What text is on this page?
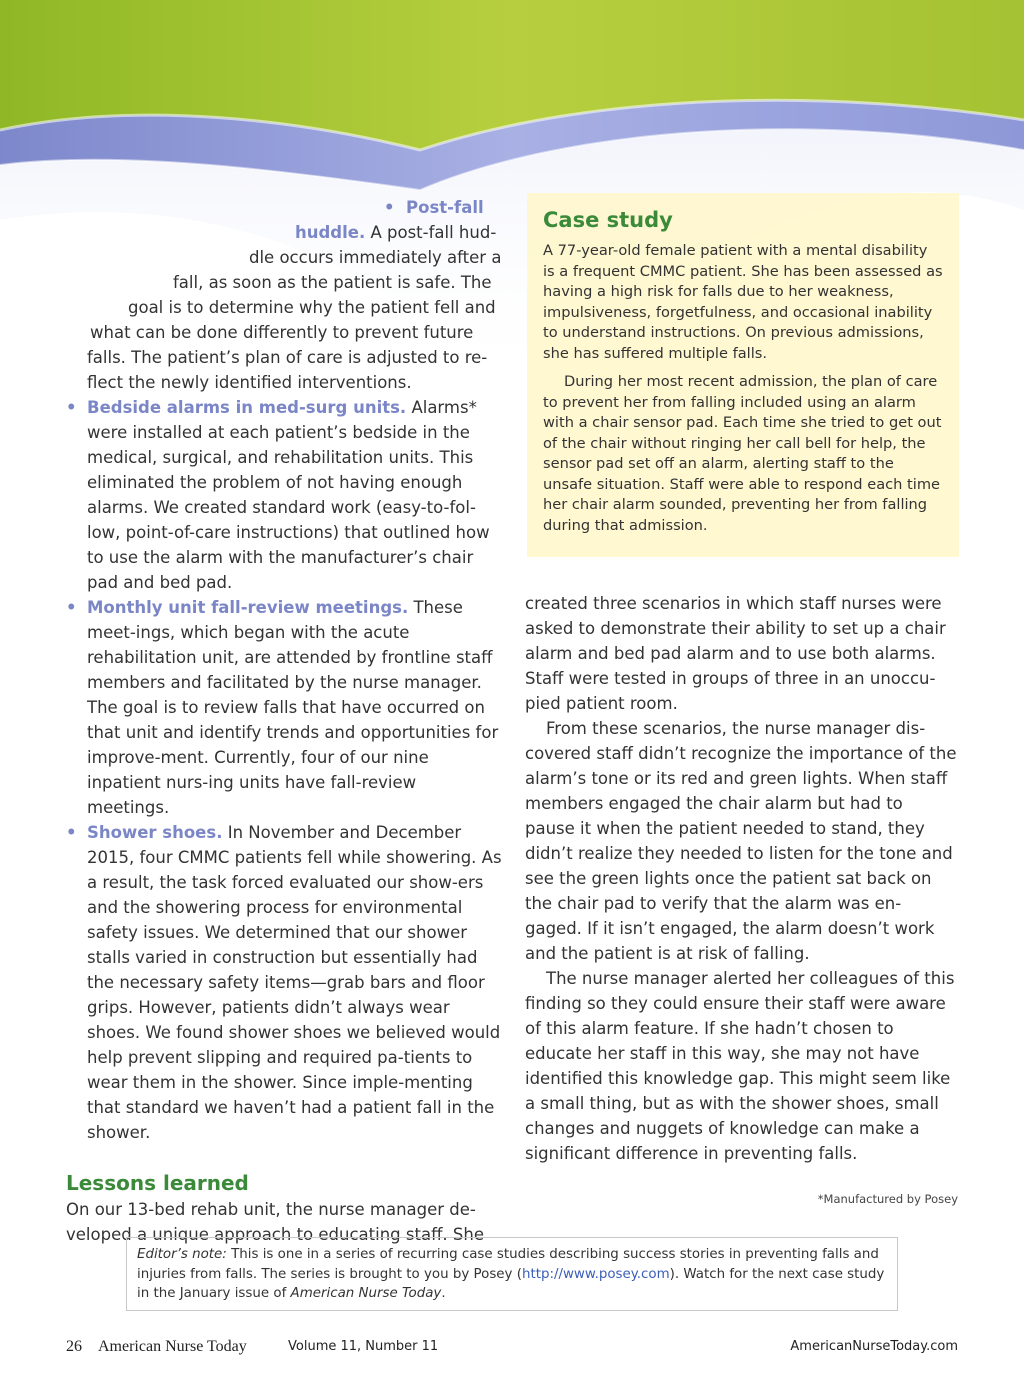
•  Post-fall
huddle. A post-fall hud-
dle occurs immediately after a
fall, as soon as the patient is safe. The
goal is to determine why the patient fell and
what can be done differently to prevent future
falls. The patient’s plan of care is adjusted to re-
flect the newly identified interventions.

• Bedside alarms in med-surg units. Alarms* were installed at each patient’s bedside in the medical, surgical, and rehabilitation units. This eliminated the problem of not having enough alarms. We created standard work (easy-to-fol-low, point-of-care instructions) that outlined how to use the alarm with the manufacturer’s chair pad and bed pad.

• Monthly unit fall-review meetings. These meet-ings, which began with the acute rehabilitation unit, are attended by frontline staff members and facilitated by the nurse manager. The goal is to review falls that have occurred on that unit and identify trends and opportunities for improve-ment. Currently, four of our nine inpatient nurs-ing units have fall-review meetings.

• Shower shoes. In November and December 2015, four CMMC patients fell while showering. As a result, the task forced evaluated our show-ers and the showering process for environmental safety issues. We determined that our shower stalls varied in construction but essentially had the necessary safety items—grab bars and floor grips. However, patients didn’t always wear shoes. We found shower shoes we believed would help prevent slipping and required pa-tients to wear them in the shower. Since imple-menting that standard we haven’t had a patient fall in the shower.

Lessons learned

On our 13-bed rehab unit, the nurse manager de-veloped a unique approach to educating staff. She

Case study

A 77-year-old female patient with a mental disability is a frequent CMMC patient. She has been assessed as having a high risk for falls due to her weakness, impulsiveness, forgetfulness, and occasional inability to understand instructions. On previous admissions, she has suffered multiple falls.

During her most recent admission, the plan of care to prevent her from falling included using an alarm with a chair sensor pad. Each time she tried to get out of the chair without ringing her call bell for help, the sensor pad set off an alarm, alerting staff to the unsafe situation. Staff were able to respond each time her chair alarm sounded, preventing her from falling during that admission.

created three scenarios in which staff nurses were asked to demonstrate their ability to set up a chair alarm and bed pad alarm and to use both alarms. Staff were tested in groups of three in an unoccu-pied patient room.

From these scenarios, the nurse manager dis-covered staff didn’t recognize the importance of the alarm’s tone or its red and green lights. When staff members engaged the chair alarm but had to pause it when the patient needed to stand, they didn’t realize they needed to listen for the tone and see the green lights once the patient sat back on the chair pad to verify that the alarm was en-gaged. If it isn’t engaged, the alarm doesn’t work and the patient is at risk of falling.

The nurse manager alerted her colleagues of this finding so they could ensure their staff were aware of this alarm feature. If she hadn’t chosen to educate her staff in this way, she may not have identified this knowledge gap. This might seem like a small thing, but as with the shower shoes, small changes and nuggets of knowledge can make a significant difference in preventing falls.

*Manufactured by Posey
Editor’s note: This is one in a series of recurring case studies describing success stories in preventing falls and injuries from falls. The series is brought to you by Posey (http://www.posey.com). Watch for the next case study in the January issue of American Nurse Today.
26 American Nurse Today	Volume 11, Number 11	AmericanNurseToday.com
